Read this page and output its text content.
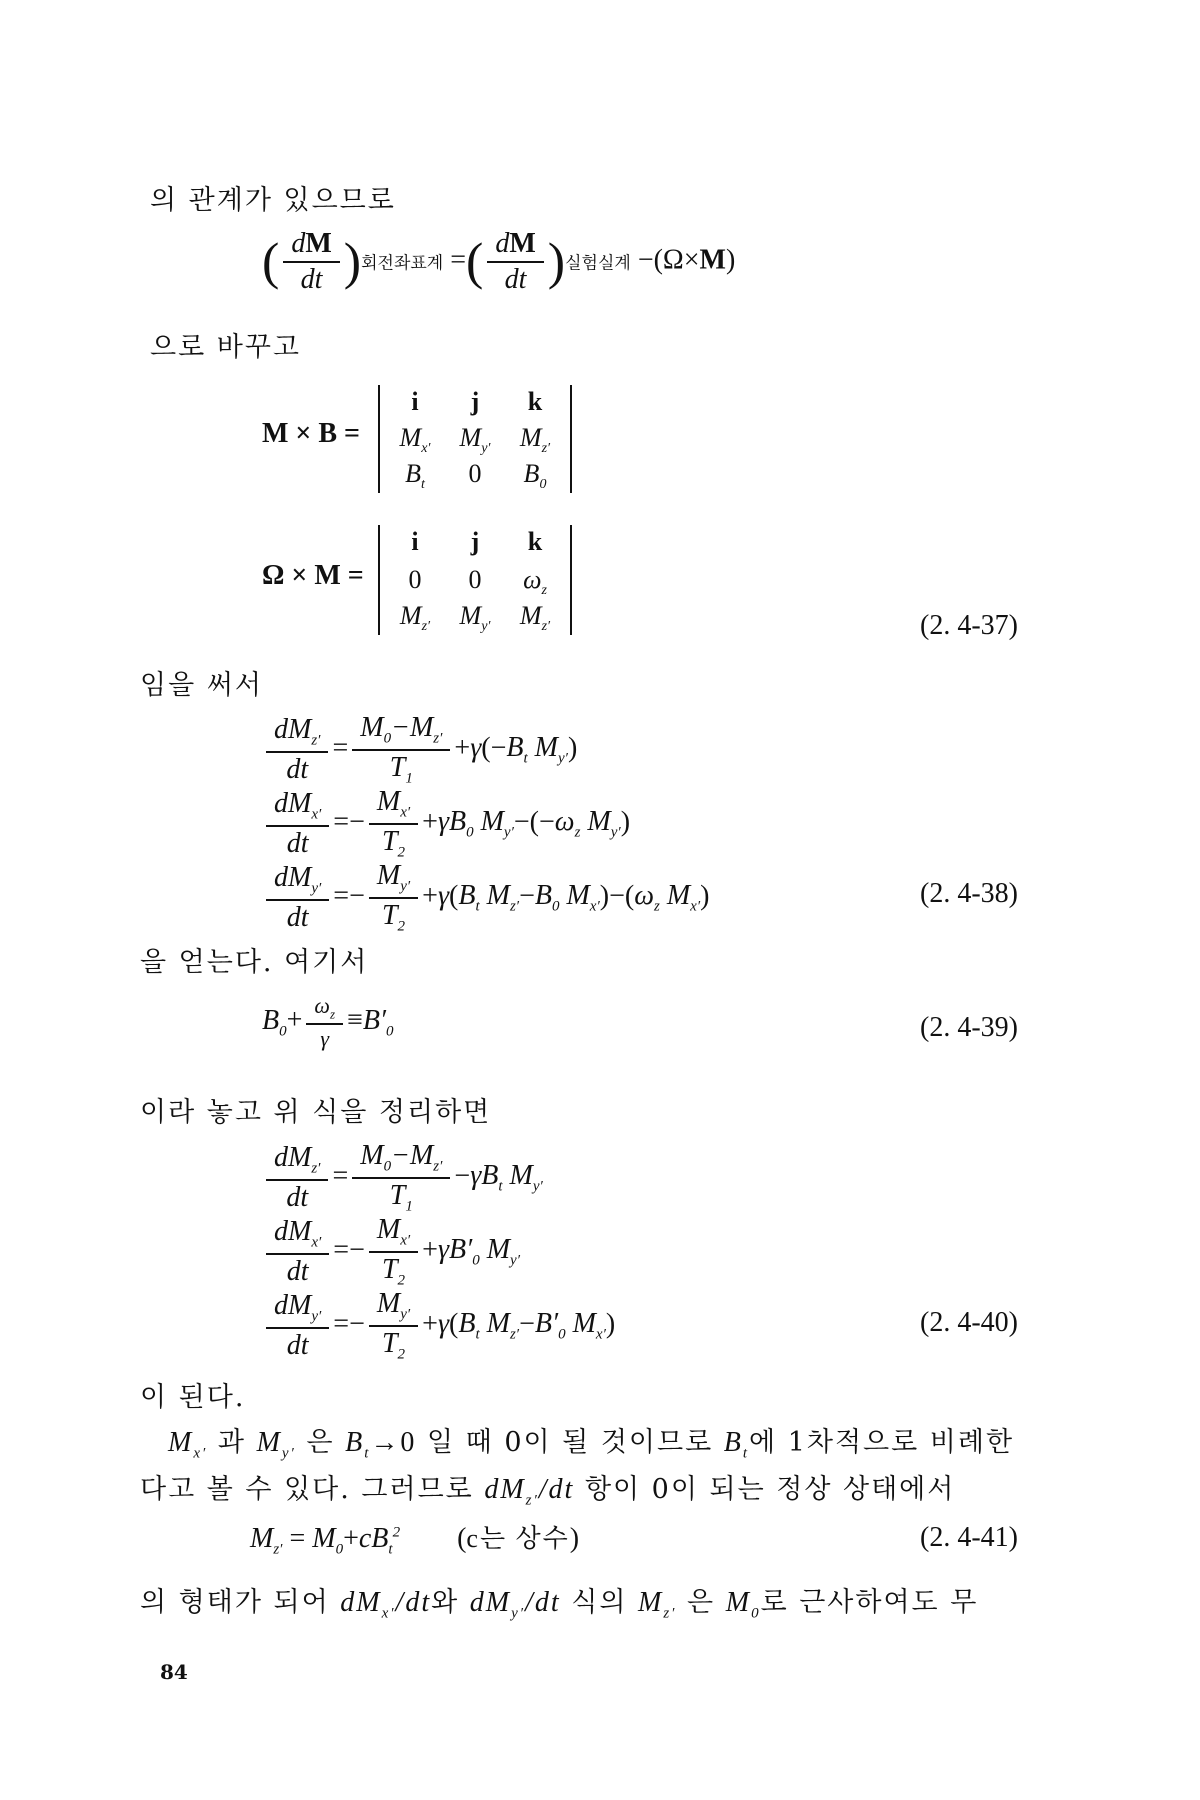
의 관계가 있으므로
( $\frac{dM}{dt}$ )회전좌표계 =( $\frac{dM}{dt}$ )실험실계 −(Ω×M)
으로 바꾸고
M × B =
i	j	k
$M_{x'}$	$M_{y'}$	$M_{z'}$
$B_t$	0	$B_0$
Ω × M =
i	j	k
0	0	$\omega_z$
$M_{z'}$	$M_{y'}$	$M_{z'}$	(2. 4-37)
임을 써서
$\frac{dM_{z'}}{dt} = \frac{M_0-M_{z'}}{T_1} +\gamma(-B_t$ $M_{y'}$)
$\frac{dM_{x'}}{dt} =- \frac{M_{x'}}{T_2} +\gamma B_0$ $M_{y'}-(-\omega_z$ $M_{y'}$)
$\frac{dM_{y'}}{dt} =- \frac{M_{y'}}{T_2} +\gamma(B_t$ $M_{z'}-B_0$ $M_{x'})-(\omega_z$ $M_{x'}$)	(2. 4-38)
을 얻는다. 여기서
$B_0+ \frac{\omega_z}{\gamma} \equiv B'_0$	(2. 4-39)
이라 놓고 위 식을 정리하면
$\frac{dM_{z'}}{dt} = \frac{M_0-M_{z'}}{T_1} -\gamma B_t$ $M_{y'}$
$\frac{dM_{x'}}{dt} =- \frac{M_{x'}}{T_2} +\gamma B'_0$ $M_{y'}$
$\frac{dM_{y'}}{dt} =- \frac{M_{y'}}{T_2} +\gamma(B_t$ $M_{z'}-B'_0$ $M_{x'}$)	(2. 4-40)
이 된다.
$M_{x'}$ 과 $M_{y'}$ 은 $B_t\to 0$ 일 때 0이 될 것이므로 $B_t$에 1차적으로 비례한
다고 볼 수 있다. 그러므로 $dM_{z'}/dt$ 항이 0이 되는 정상 상태에서
$M_{z'} = M_0+cB_t^2$ (c는 상수)	(2. 4-41)
의 형태가 되어 $dM_{x'}/dt$와 $dM_{y'}/dt$ 식의 $M_{z'}$ 은 $M_0$로 근사하여도 무
84
